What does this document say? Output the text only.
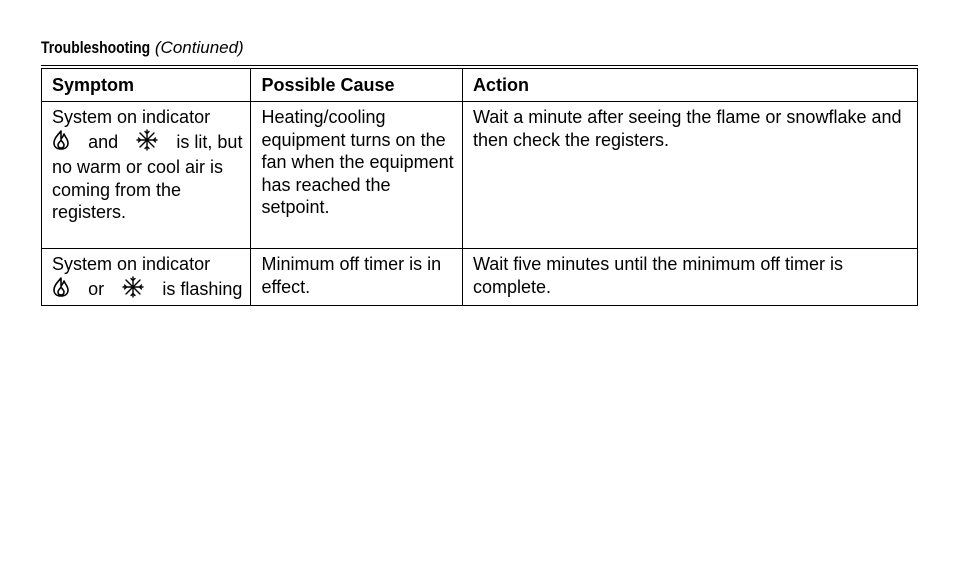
Troubleshooting (Contiuned)
Symptom	Possible Cause	Action

System on indicator
and is lit, but
no warm or cool air is coming from the registers.	Heating/cooling equipment turns on the fan when the equipment has reached the setpoint.	Wait a minute after seeing the flame or snowflake and then check the registers.

System on indicator
or is flashing	Minimum off timer is in effect.	Wait five minutes until the minimum off timer is complete.
